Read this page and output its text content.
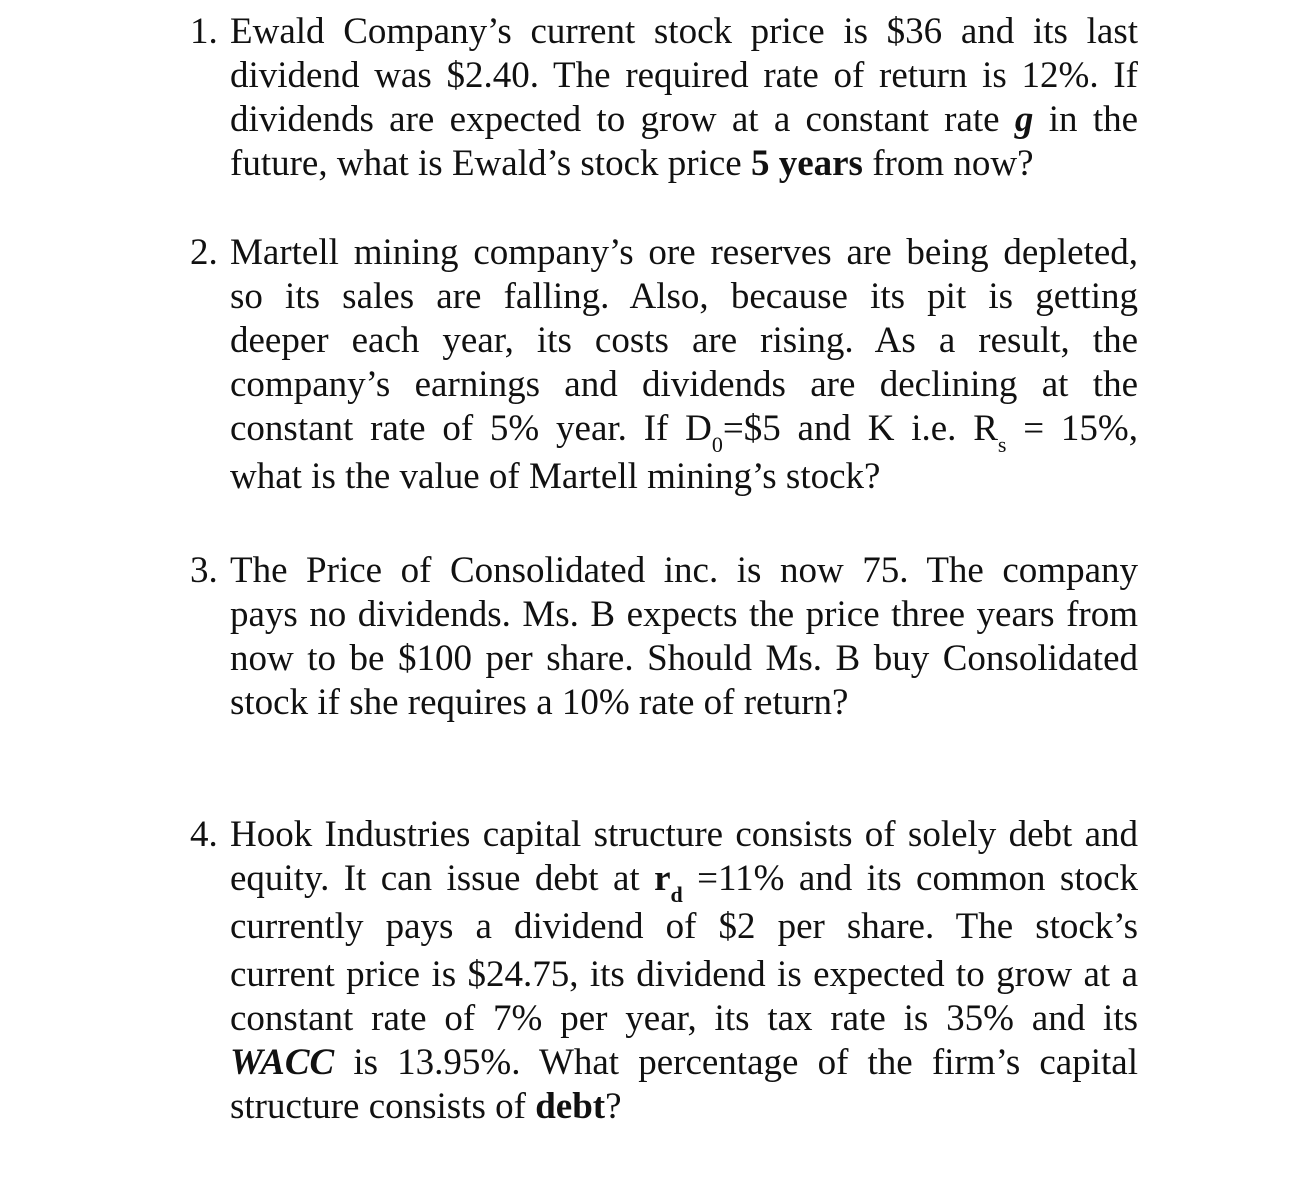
1. Ewald Company’s current stock price is $36 and its last
dividend was $2.40. The required rate of return is 12%. If
dividends are expected to grow at a constant rate g in the
future, what is Ewald’s stock price 5 years from now?
2. Martell mining company’s ore reserves are being depleted,
so its sales are falling. Also, because its pit is getting
deeper each year, its costs are rising. As a result, the
company’s earnings and dividends are declining at the
constant rate of 5% year. If $D_0=\$5$ and K i.e. $R_s = 15\%$,
what is the value of Martell mining’s stock?
3. The Price of Consolidated inc. is now 75. The company
pays no dividends. Ms. B expects the price three years from
now to be $100 per share. Should Ms. B buy Consolidated
stock if she requires a 10% rate of return?
4. Hook Industries capital structure consists of solely debt and
equity. It can issue debt at $r_d =11\%$ and its common stock
currently pays a dividend of $2 per share. The stock’s
current price is $24.75, its dividend is expected to grow at a
constant rate of 7% per year, its tax rate is 35% and its
WACC is 13.95%. What percentage of the firm’s capital
structure consists of debt?
